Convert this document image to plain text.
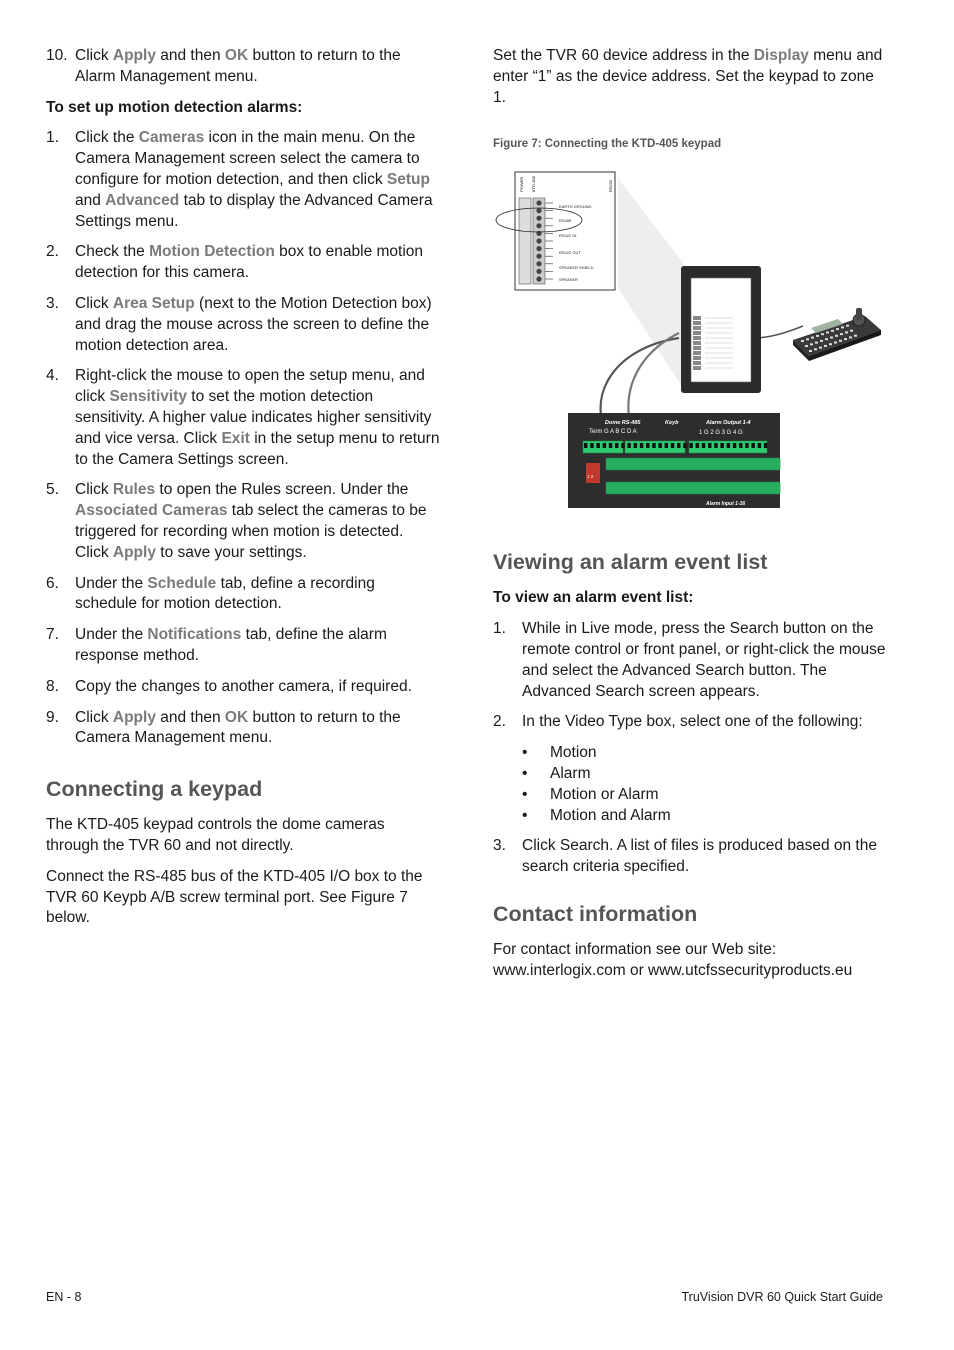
10. Click Apply and then OK button to return to the Alarm Management menu.
To set up motion detection alarms:
1. Click the Cameras icon in the main menu. On the Camera Management screen select the camera to configure for motion detection, and then click Setup and Advanced tab to display the Advanced Camera Settings menu.
2. Check the Motion Detection box to enable motion detection for this camera.
3. Click Area Setup (next to the Motion Detection box) and drag the mouse across the screen to define the motion detection area.
4. Right-click the mouse to open the setup menu, and click Sensitivity to set the motion detection sensitivity. A higher value indicates higher sensitivity and vice versa. Click Exit in the setup menu to return to the Camera Settings screen.
5. Click Rules to open the Rules screen. Under the Associated Cameras tab select the cameras to be triggered for recording when motion is detected. Click Apply to save your settings.
6. Under the Schedule tab, define a recording schedule for motion detection.
7. Under the Notifications tab, define the alarm response method.
8. Copy the changes to another camera, if required.
9. Click Apply and then OK button to return to the Camera Management menu.
Connecting a keypad

The KTD-405 keypad controls the dome cameras through the TVR 60 and not directly.

Connect the RS-485 bus of the KTD-405 I/O box to the TVR 60 Keypb A/B screw terminal port. See Figure 7 below.

Set the TVR 60 device address in the Display menu and enter “1” as the device address. Set the keypad to zone 1.

Figure 7: Connecting the KTD-405 keypad
POWER KTD-405	RS232
EARTH GROUND
RS485
RS422 IN
RS422 OUT
SPEAKER SHIELD
SPEAKER
Dome RS-485
Term G A B C D A
Keyb	Alarm Output 1-4
1 G 2 G 3 G 4 G
Alarm Input 1-16
1 2
Viewing an alarm event list
To view an alarm event list:
1. While in Live mode, press the Search button on the remote control or front panel, or right-click the mouse and select the Advanced Search button. The Advanced Search screen appears.
2. In the Video Type box, select one of the following:
• Motion
• Alarm
• Motion or Alarm
• Motion and Alarm
3. Click Search. A list of files is produced based on the search criteria specified.
Contact information

For contact information see our Web site: www.interlogix.com or www.utcfssecurityproducts.eu

EN - 8	TruVision DVR 60 Quick Start Guide
